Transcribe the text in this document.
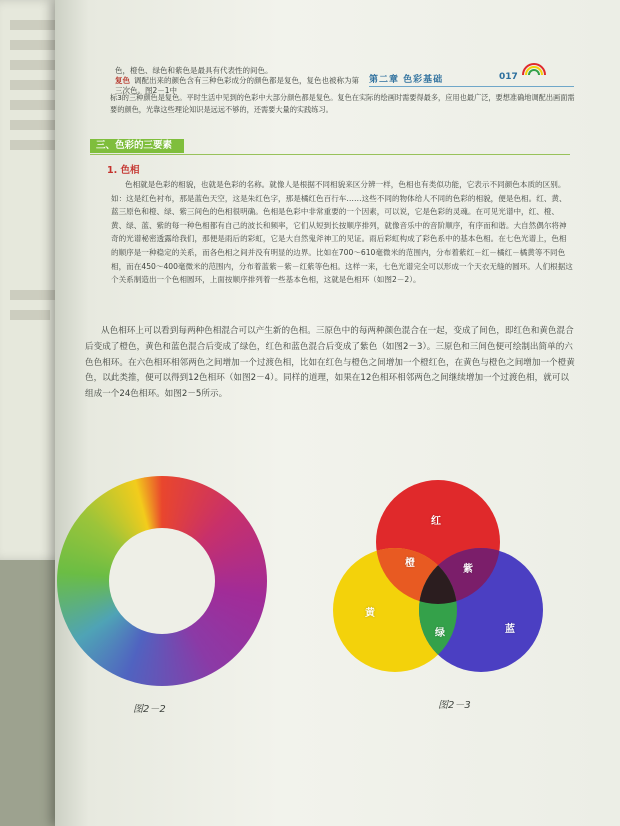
第二章 色彩基础	017
色，橙色、绿色和紫色是最具有代表性的间色。
复色 调配出来的颜色含有三种色彩成分的颜色都是复色，复色也被称为第三次色。图2－1中
标3的三种颜色是复色。平时生活中见到的色彩中大部分颜色都是复色。复色在实际的绘画时需要得最多，应用也最广泛，要想准确地调配出画面需要的颜色，光靠这些理论知识是远远不够的，还需要大量的实践练习。
三、色彩的三要素
1. 色相
色相就是色彩的相貌，也就是色彩的名称。就像人是根据不同相貌来区分辨一样，色相也有类似功能，它表示不同颜色本质的区别。如：这是红色衬布，那是蓝色天空，这是朱红色字，那是橘红色百行车……这些不同的物体给人不同的色彩的相貌，便是色相。红、黄、蓝三原色和橙、绿、紫三间色的色相很明确。色相是色彩中非常重要的一个因素，可以说，它是色彩的灵魂。在可见光谱中，红、橙、黄、绿、蓝、紫的每一种色相都有自己的波长和频率，它们从短到长按顺序排列，就像音乐中的音阶顺序，有序而和谐。大自然偶尔将神奇的光谱秘密透露给我们，那便是雨后的彩虹，它是大自然鬼斧神工的见证。雨后彩虹构成了彩色系中的基本色相。在七色光谱上，色相的顺序是一种稳定的关系，而各色相之间并没有明显的边界。比如在700～610毫微米的范围内，分布着紫红－红－橘红－橘黄等不同色相，而在450～400毫微米的范围内，分布着蓝紫－紫－红紫等色相。这样一来，七色光谱完全可以形成一个天衣无缝的圆环。人们根据这个关系制造出一个色相圆环，上面按顺序排列着一些基本色相，这就是色相环（如图2－2）。
从色相环上可以看到每两种色相混合可以产生新的色相。三原色中的每两种颜色混合在一起，变成了间色，即红色和黄色混合后变成了橙色，黄色和蓝色混合后变成了绿色，红色和蓝色混合后变成了紫色（如图2－3）。三原色和三间色便可绘制出简单的六色色相环。在六色相环相邻两色之间增加一个过渡色相，比如在红色与橙色之间增加一个橙红色，在黄色与橙色之间增加一个橙黄色，以此类推，便可以得到12色相环（如图2－4）。同样的道理，如果在12色相环相邻两色之间继续增加一个过渡色相，就可以组成一个24色相环。如图2－5所示。
图2－2
红
橙
紫
黄
绿	蓝
图2－3
